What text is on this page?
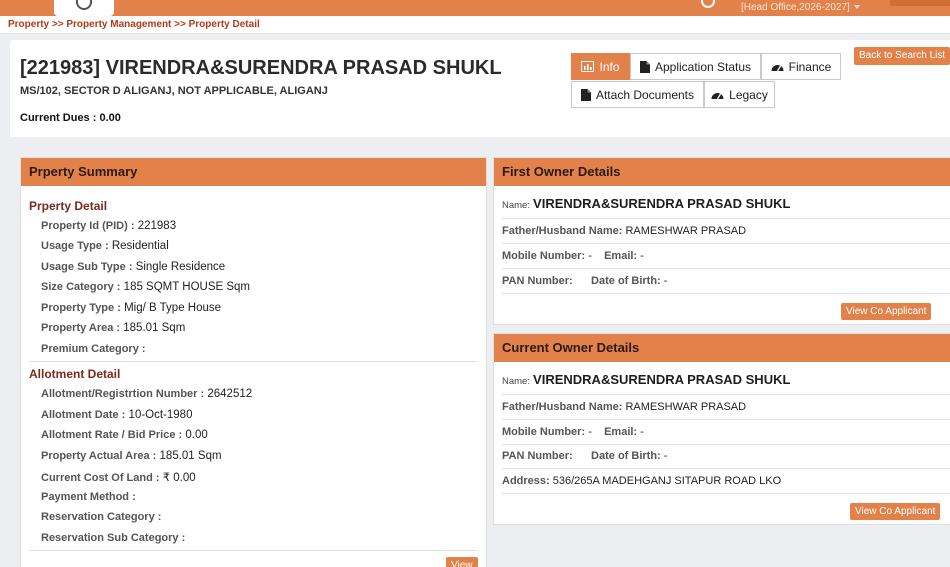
[Head Office,2026-2027]
Property >> Property Management >> Property Detail
[221983] VIRENDRA&SURENDRA PRASAD SHUKL
MS/102, SECTOR D ALIGANJ, NOT APPLICABLE, ALIGANJ
Current Dues : 0.00
Info	Application Status	Finance
Attach Documents	Legacy
Back to Search List
Prperty Summary
Prperty Detail
Property Id (PID) : 221983
Usage Type : Residential
Usage Sub Type : Single Residence
Size Category : 185 SQMT HOUSE Sqm
Property Type : Mig/ B Type House
Property Area : 185.01 Sqm
Premium Category :
Allotment Detail
Allotment/Registrtion Number : 2642512
Allotment Date : 10-Oct-1980
Allotment Rate / Bid Price : 0.00
Property Actual Area : 185.01 Sqm
Current Cost Of Land : ₹ 0.00
Payment Method :
Reservation Category :
Reservation Sub Category :
View
First Owner Details
Name: VIRENDRA&SURENDRA PRASAD SHUKL
Father/Husband Name: RAMESHWAR PRASAD
Mobile Number: - Email: -
PAN Number: Date of Birth: -
View Co Applicant
Current Owner Details
Name: VIRENDRA&SURENDRA PRASAD SHUKL
Father/Husband Name: RAMESHWAR PRASAD
Mobile Number: - Email: -
PAN Number: Date of Birth: -
Address: 536/265A MADEHGANJ SITAPUR ROAD LKO
View Co Applicant
